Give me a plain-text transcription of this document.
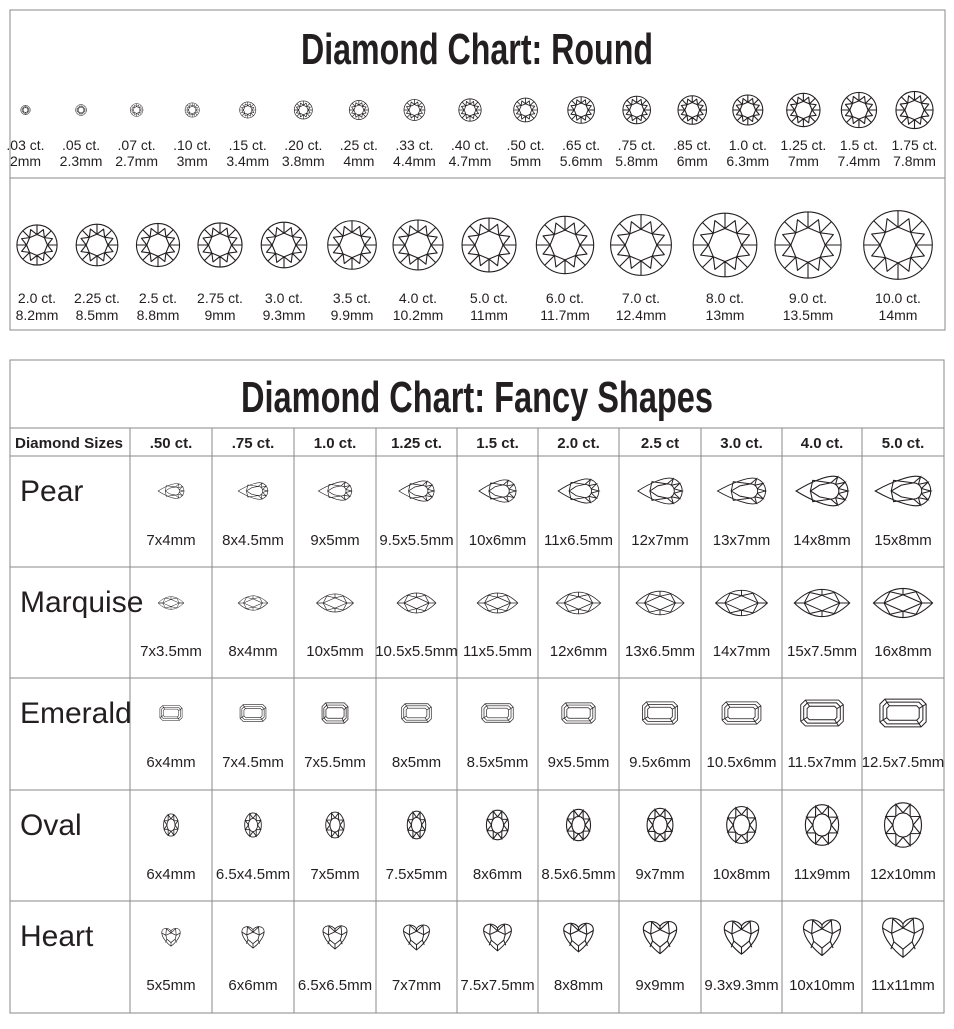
Diamond Chart: Round
.03 ct.
2mm
.05 ct.
2.3mm
.07 ct.
2.7mm
.10 ct.
3mm
.15 ct.
3.4mm
.20 ct.
3.8mm
.25 ct.
4mm
.33 ct.
4.4mm
.40 ct.
4.7mm
.50 ct.
5mm
.65 ct.
5.6mm
.75 ct.
5.8mm
.85 ct.
6mm
1.0 ct.
6.3mm
1.25 ct.
7mm
1.5 ct.
7.4mm
1.75 ct.
7.8mm
2.0 ct.
8.2mm
2.25 ct.
8.5mm
2.5 ct.
8.8mm
2.75 ct.
9mm
3.0 ct.
9.3mm
3.5 ct.
9.9mm
4.0 ct.
10.2mm
5.0 ct.
11mm
6.0 ct.
11.7mm
7.0 ct.
12.4mm
8.0 ct.
13mm
9.0 ct.
13.5mm
10.0 ct.
14mm
Diamond Chart: Fancy Shapes
Diamond Sizes .50 ct.	.75 ct.	1.0 ct. 1.25 ct. 1.5 ct.	2.0 ct.	2.5 ct	3.0 ct.	4.0 ct.	5.0 ct.
Pear
7x4mm 8x4.5mm 9x5mm 9.5x5.5mm 10x6mm 11x6.5mm 12x7mm 13x7mm 14x8mm 15x8mm
Marquise
7x3.5mm 8x4mm 10x5mm 10.5x5.5mm 11x5.5mm 12x6mm 13x6.5mm 14x7mm 15x7.5mm 16x8mm
Emerald
6x4mm 7x4.5mm 7x5.5mm 8x5mm 8.5x5mm 9x5.5mm 9.5x6mm 10.5x6mm 11.5x7mm 12.5x7.5mm
Oval
6x4mm 6.5x4.5mm 7x5mm 7.5x5mm 8x6mm 8.5x6.5mm 9x7mm 10x8mm 11x9mm 12x10mm
Heart
5x5mm 6x6mm 6.5x6.5mm 7x7mm 7.5x7.5mm 8x8mm 9x9mm 9.3x9.3mm 10x10mm 11x11mm
